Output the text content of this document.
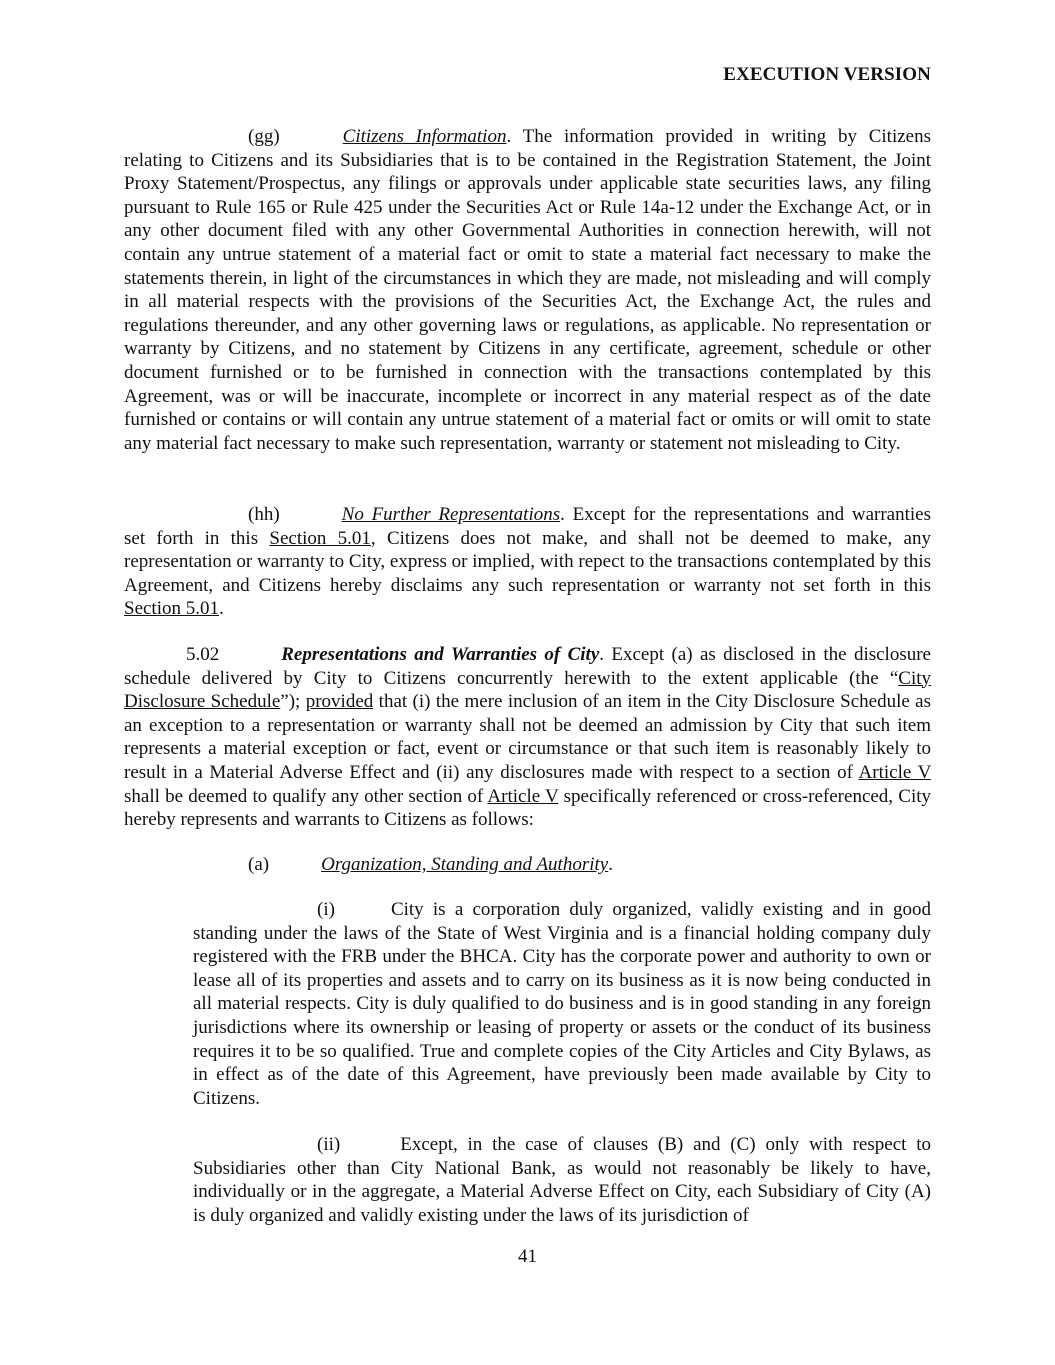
EXECUTION VERSION

(gg)	Citizens Information. The information provided in writing by Citizens relating to Citizens and its Subsidiaries that is to be contained in the Registration Statement, the Joint Proxy Statement/Prospectus, any filings or approvals under applicable state securities laws, any filing pursuant to Rule 165 or Rule 425 under the Securities Act or Rule 14a-12 under the Exchange Act, or in any other document filed with any other Governmental Authorities in connection herewith, will not contain any untrue statement of a material fact or omit to state a material fact necessary to make the statements therein, in light of the circumstances in which they are made, not misleading and will comply in all material respects with the provisions of the Securities Act, the Exchange Act, the rules and regulations thereunder, and any other governing laws or regulations, as applicable. No representation or warranty by Citizens, and no statement by Citizens in any certificate, agreement, schedule or other document furnished or to be furnished in connection with the transactions contemplated by this Agreement, was or will be inaccurate, incomplete or incorrect in any material respect as of the date furnished or contains or will contain any untrue statement of a material fact or omits or will omit to state any material fact necessary to make such representation, warranty or statement not misleading to City.

(hh)	No Further Representations. Except for the representations and warranties set forth in this Section 5.01, Citizens does not make, and shall not be deemed to make, any representation or warranty to City, express or implied, with repect to the transactions contemplated by this Agreement, and Citizens hereby disclaims any such representation or warranty not set forth in this Section 5.01.

5.02	Representations and Warranties of City. Except (a) as disclosed in the disclosure schedule delivered by City to Citizens concurrently herewith to the extent applicable (the “City Disclosure Schedule”); provided that (i) the mere inclusion of an item in the City Disclosure Schedule as an exception to a representation or warranty shall not be deemed an admission by City that such item represents a material exception or fact, event or circumstance or that such item is reasonably likely to result in a Material Adverse Effect and (ii) any disclosures made with respect to a section of Article V shall be deemed to qualify any other section of Article V specifically referenced or cross-referenced, City hereby represents and warrants to Citizens as follows:

(a)	Organization, Standing and Authority.

(i)	City is a corporation duly organized, validly existing and in good standing under the laws of the State of West Virginia and is a financial holding company duly registered with the FRB under the BHCA. City has the corporate power and authority to own or lease all of its properties and assets and to carry on its business as it is now being conducted in all material respects. City is duly qualified to do business and is in good standing in any foreign jurisdictions where its ownership or leasing of property or assets or the conduct of its business requires it to be so qualified. True and complete copies of the City Articles and City Bylaws, as in effect as of the date of this Agreement, have previously been made available by City to Citizens.

(ii)	Except, in the case of clauses (B) and (C) only with respect to Subsidiaries other than City National Bank, as would not reasonably be likely to have, individually or in the aggregate, a Material Adverse Effect on City, each Subsidiary of City (A) is duly organized and validly existing under the laws of its jurisdiction of

41
